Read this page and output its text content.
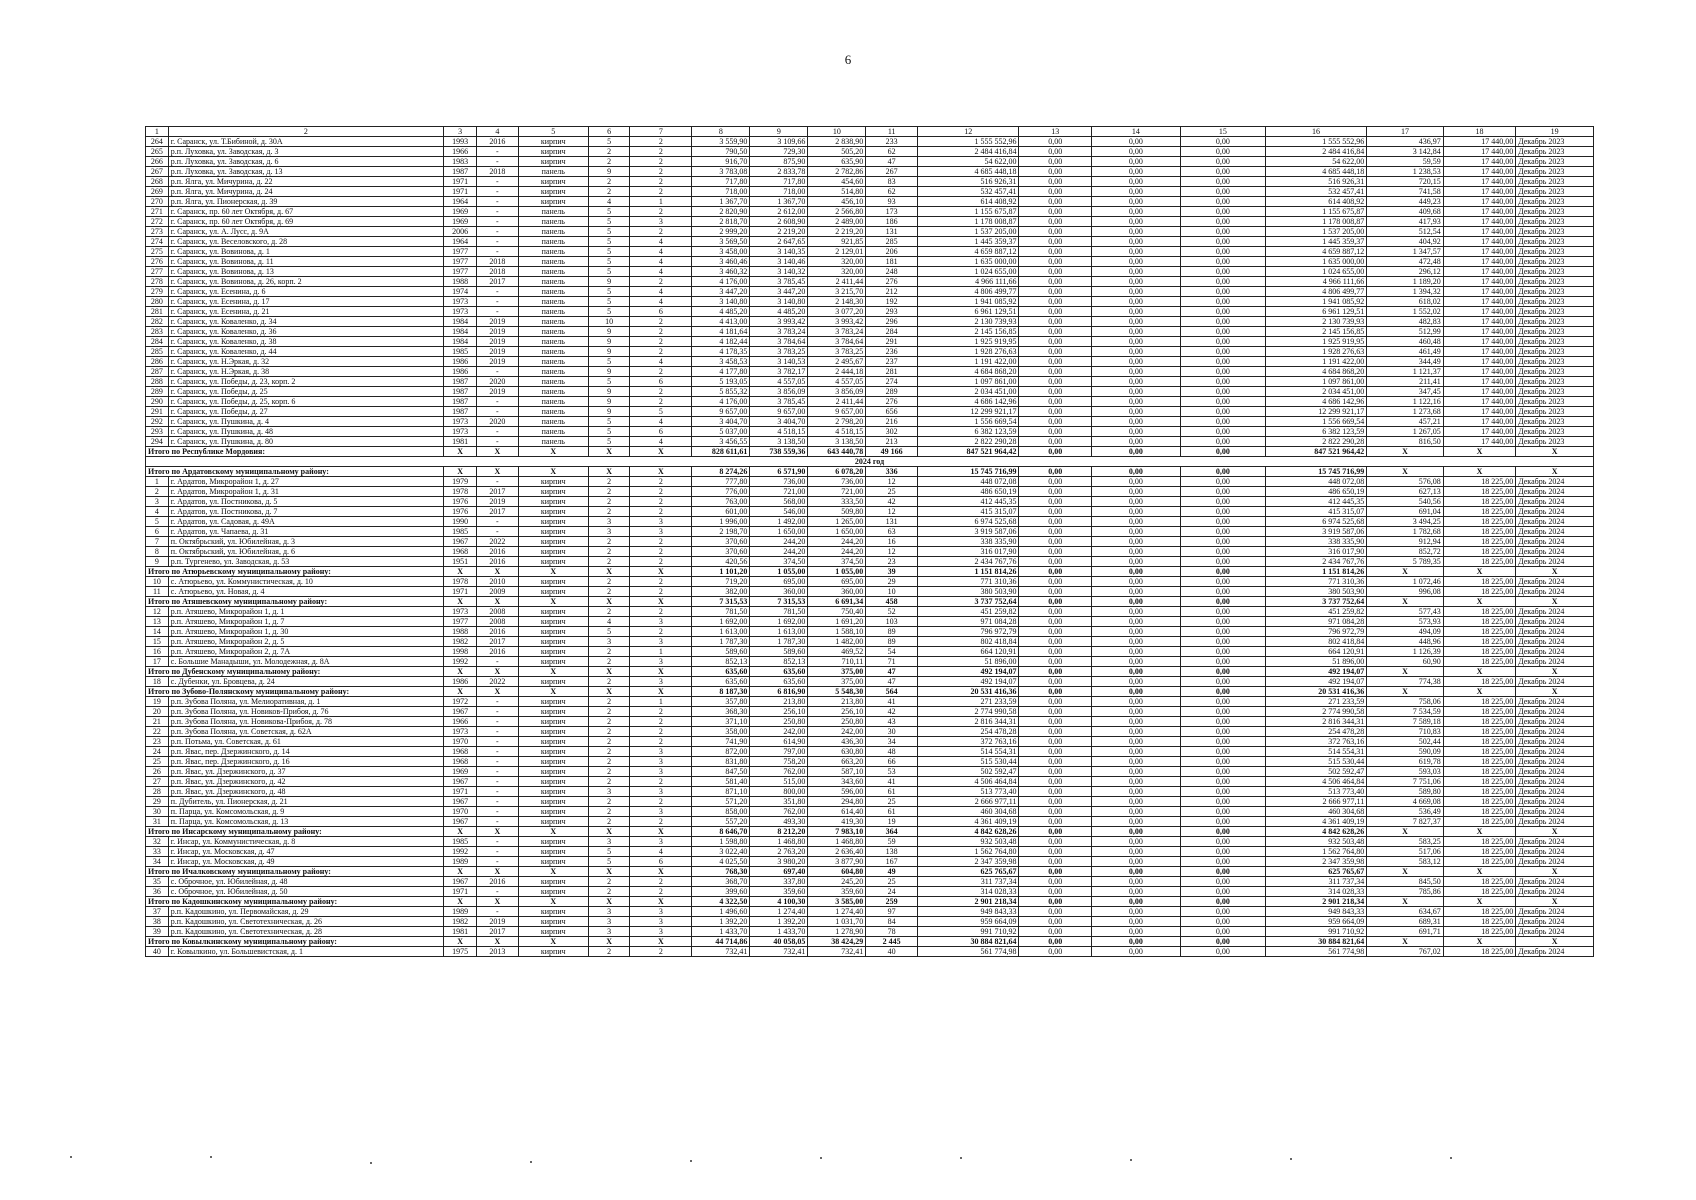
6
1	2	3	4	5	6	7	8	9	10	11	12	13	14	15	16	17	18	19
264	г. Саранск, ул. Т.Бибиной, д. 30А	1993	2016	кирпич	5	2	3 559,90	3 109,66	2 838,90	233	1 555 552,96	0,00	0,00	0,00	1 555 552,96	436,97	17 440,00	Декабрь 2023
265	р.п. Луховка, ул. Заводская, д. 3	1966	-	кирпич	2	2	790,50	729,30	505,20	62	2 484 416,84	0,00	0,00	0,00	2 484 416,84	3 142,84	17 440,00	Декабрь 2023
266	р.п. Луховка, ул. Заводская, д. 6	1983	-	кирпич	2	2	916,70	875,90	635,90	47	54 622,00	0,00	0,00	0,00	54 622,00	59,59	17 440,00	Декабрь 2023
267	р.п. Луховка, ул. Заводская, д. 13	1987	2018	панель	9	2	3 783,08	2 833,78	2 782,86	267	4 685 448,18	0,00	0,00	0,00	4 685 448,18	1 238,53	17 440,00	Декабрь 2023
268	р.п. Ялга, ул. Мичурина, д. 22	1971	-	кирпич	2	2	717,80	717,80	454,60	83	516 926,31	0,00	0,00	0,00	516 926,31	720,15	17 440,00	Декабрь 2023
269	р.п. Ялга, ул. Мичурина, д. 24	1971	-	кирпич	2	2	718,00	718,00	514,80	62	532 457,41	0,00	0,00	0,00	532 457,41	741,58	17 440,00	Декабрь 2023
270	р.п. Ялга, ул. Пионерская, д. 39	1964	-	кирпич	4	1	1 367,70	1 367,70	456,10	93	614 408,92	0,00	0,00	0,00	614 408,92	449,23	17 440,00	Декабрь 2023
271	г. Саранск, пр. 60 лет Октября, д. 67	1969	-	панель	5	2	2 820,90	2 612,00	2 566,80	173	1 155 675,87	0,00	0,00	0,00	1 155 675,87	409,68	17 440,00	Декабрь 2023
272	г. Саранск, пр. 60 лет Октября, д. 69	1969	-	панель	5	3	2 818,70	2 608,90	2 489,00	186	1 178 008,87	0,00	0,00	0,00	1 178 008,87	417,93	17 440,00	Декабрь 2023
273	г. Саранск, ул. А. Лусс, д. 9А	2006	-	панель	5	2	2 999,20	2 219,20	2 219,20	131	1 537 205,00	0,00	0,00	0,00	1 537 205,00	512,54	17 440,00	Декабрь 2023
274	г. Саранск, ул. Веселовского, д. 28	1964	-	панель	5	4	3 569,50	2 647,65	921,85	285	1 445 359,37	0,00	0,00	0,00	1 445 359,37	404,92	17 440,00	Декабрь 2023
275	г. Саранск, ул. Вовинова, д. 1	1977	-	панель	5	4	3 458,00	3 140,35	2 129,01	206	4 659 887,12	0,00	0,00	0,00	4 659 887,12	1 347,57	17 440,00	Декабрь 2023
276	г. Саранск, ул. Вовинова, д. 11	1977	2018	панель	5	4	3 460,46	3 140,46	320,00	181	1 635 000,00	0,00	0,00	0,00	1 635 000,00	472,48	17 440,00	Декабрь 2023
277	г. Саранск, ул. Вовинова, д. 13	1977	2018	панель	5	4	3 460,32	3 140,32	320,00	248	1 024 655,00	0,00	0,00	0,00	1 024 655,00	296,12	17 440,00	Декабрь 2023
278	г. Саранск, ул. Вовинова, д. 26, корп. 2	1988	2017	панель	9	2	4 176,00	3 785,45	2 411,44	276	4 966 111,66	0,00	0,00	0,00	4 966 111,66	1 189,20	17 440,00	Декабрь 2023
279	г. Саранск, ул. Есенина, д. 6	1974	-	панель	5	4	3 447,20	3 447,20	3 215,70	212	4 806 499,77	0,00	0,00	0,00	4 806 499,77	1 394,32	17 440,00	Декабрь 2023
280	г. Саранск, ул. Есенина, д. 17	1973	-	панель	5	4	3 140,80	3 140,80	2 148,30	192	1 941 085,92	0,00	0,00	0,00	1 941 085,92	618,02	17 440,00	Декабрь 2023
281	г. Саранск, ул. Есенина, д. 21	1973	-	панель	5	6	4 485,20	4 485,20	3 077,20	293	6 961 129,51	0,00	0,00	0,00	6 961 129,51	1 552,02	17 440,00	Декабрь 2023
282	г. Саранск, ул. Коваленко, д. 34	1984	2019	панель	10	2	4 413,00	3 993,42	3 993,42	296	2 130 739,93	0,00	0,00	0,00	2 130 739,93	482,83	17 440,00	Декабрь 2023
283	г. Саранск, ул. Коваленко, д. 36	1984	2019	панель	9	2	4 181,64	3 783,24	3 783,24	284	2 145 156,85	0,00	0,00	0,00	2 145 156,85	512,99	17 440,00	Декабрь 2023
284	г. Саранск, ул. Коваленко, д. 38	1984	2019	панель	9	2	4 182,44	3 784,64	3 784,64	291	1 925 919,95	0,00	0,00	0,00	1 925 919,95	460,48	17 440,00	Декабрь 2023
285	г. Саранск, ул. Коваленко, д. 44	1985	2019	панель	9	2	4 178,35	3 783,25	3 783,25	236	1 928 276,63	0,00	0,00	0,00	1 928 276,63	461,49	17 440,00	Декабрь 2023
286	г. Саранск, ул. Н.Эркая, д. 32	1986	2019	панель	5	4	3 458,53	3 140,53	2 495,67	237	1 191 422,00	0,00	0,00	0,00	1 191 422,00	344,49	17 440,00	Декабрь 2023
287	г. Саранск, ул. Н.Эркая, д. 38	1986	-	панель	9	2	4 177,80	3 782,17	2 444,18	281	4 684 868,20	0,00	0,00	0,00	4 684 868,20	1 121,37	17 440,00	Декабрь 2023
288	г. Саранск, ул. Победы, д. 23, корп. 2	1987	2020	панель	5	6	5 193,05	4 557,05	4 557,05	274	1 097 861,00	0,00	0,00	0,00	1 097 861,00	211,41	17 440,00	Декабрь 2023
289	г. Саранск, ул. Победы, д. 25	1987	2019	панель	9	2	5 855,32	3 856,09	3 856,09	289	2 034 451,00	0,00	0,00	0,00	2 034 451,00	347,45	17 440,00	Декабрь 2023
290	г. Саранск, ул. Победы, д. 25, корп. 6	1987	-	панель	9	2	4 176,00	3 785,45	2 411,44	276	4 686 142,96	0,00	0,00	0,00	4 686 142,96	1 122,16	17 440,00	Декабрь 2023
291	г. Саранск, ул. Победы, д. 27	1987	-	панель	9	5	9 657,00	9 657,00	9 657,00	656	12 299 921,17	0,00	0,00	0,00	12 299 921,17	1 273,68	17 440,00	Декабрь 2023
292	г. Саранск, ул. Пушкина, д. 4	1973	2020	панель	5	4	3 404,70	3 404,70	2 798,20	216	1 556 669,54	0,00	0,00	0,00	1 556 669,54	457,21	17 440,00	Декабрь 2023
293	г. Саранск, ул. Пушкина, д. 48	1973	-	панель	5	6	5 037,00	4 518,15	4 518,15	302	6 382 123,59	0,00	0,00	0,00	6 382 123,59	1 267,05	17 440,00	Декабрь 2023
294	г. Саранск, ул. Пушкина, д. 80	1981	-	панель	5	4	3 456,55	3 138,50	3 138,50	213	2 822 290,28	0,00	0,00	0,00	2 822 290,28	816,50	17 440,00	Декабрь 2023
Итого по Республике Мордовия:		X	X	X	X	X	828 611,61	738 559,36	643 440,78	49 166	847 521 964,42	0,00	0,00	0,00	847 521 964,42	X	X	X
2024 год																		
Итого по Ардатовскому муниципальному району:		X	X	X	X	X	8 274,26	6 571,90	6 078,20	336	15 745 716,99	0,00	0,00	0,00	15 745 716,99	X	X	X
1	г. Ардатов, Микрорайон 1, д. 27	1979	-	кирпич	2	2	777,80	736,00	736,00	12	448 072,08	0,00	0,00	0,00	448 072,08	576,08	18 225,00	Декабрь 2024
2	г. Ардатов, Микрорайон 1, д. 31	1978	2017	кирпич	2	2	776,00	721,00	721,00	25	486 650,19	0,00	0,00	0,00	486 650,19	627,13	18 225,00	Декабрь 2024
3	г. Ардатов, ул. Постникова, д. 5	1976	2019	кирпич	2	2	763,00	568,00	333,50	42	412 445,35	0,00	0,00	0,00	412 445,35	540,56	18 225,00	Декабрь 2024
4	г. Ардатов, ул. Постникова, д. 7	1976	2017	кирпич	2	2	601,00	546,00	509,80	12	415 315,07	0,00	0,00	0,00	415 315,07	691,04	18 225,00	Декабрь 2024
5	г. Ардатов, ул. Садовая, д. 49А	1990	-	кирпич	3	3	1 996,00	1 492,00	1 265,00	131	6 974 525,68	0,00	0,00	0,00	6 974 525,68	3 494,25	18 225,00	Декабрь 2024
6	г. Ардатов, ул. Чапаева, д. 31	1985	-	кирпич	3	3	2 198,70	1 650,00	1 650,00	63	3 919 587,06	0,00	0,00	0,00	3 919 587,06	1 782,68	18 225,00	Декабрь 2024
7	п. Октябрьский, ул. Юбилейная, д. 3	1967	2022	кирпич	2	2	370,60	244,20	244,20	16	338 335,90	0,00	0,00	0,00	338 335,90	912,94	18 225,00	Декабрь 2024
8	п. Октябрьский, ул. Юбилейная, д. 6	1968	2016	кирпич	2	2	370,60	244,20	244,20	12	316 017,90	0,00	0,00	0,00	316 017,90	852,72	18 225,00	Декабрь 2024
9	р.п. Тургенево, ул. Заводская, д. 53	1951	2016	кирпич	2	2	420,56	374,50	374,50	23	2 434 767,76	0,00	0,00	0,00	2 434 767,76	5 789,35	18 225,00	Декабрь 2024
Итого по Атюрьевскому муниципальному району:		X	X	X	X	X	1 101,20	1 055,00	1 055,00	39	1 151 814,26	0,00	0,00	0,00	1 151 814,26	X	X	X
10	с. Атюрьево, ул. Коммунистическая, д. 10	1978	2010	кирпич	2	2	719,20	695,00	695,00	29	771 310,36	0,00	0,00	0,00	771 310,36	1 072,46	18 225,00	Декабрь 2024
11	с. Атюрьево, ул. Новая, д. 4	1971	2009	кирпич	2	2	382,00	360,00	360,00	10	380 503,90	0,00	0,00	0,00	380 503,90	996,08	18 225,00	Декабрь 2024
Итого по Атяшевскому муниципальному району:		X	X	X	X	X	7 315,53	7 315,53	6 691,34	458	3 737 752,64	0,00	0,00	0,00	3 737 752,64	X	X	X
12	р.п. Атяшево, Микрорайон 1, д. 1	1973	2008	кирпич	2	2	781,50	781,50	750,40	52	451 259,82	0,00	0,00	0,00	451 259,82	577,43	18 225,00	Декабрь 2024
13	р.п. Атяшево, Микрорайон 1, д. 7	1977	2008	кирпич	4	3	1 692,00	1 692,00	1 691,20	103	971 084,28	0,00	0,00	0,00	971 084,28	573,93	18 225,00	Декабрь 2024
14	р.п. Атяшево, Микрорайон 1, д. 30	1988	2016	кирпич	5	2	1 613,00	1 613,00	1 588,10	89	796 972,79	0,00	0,00	0,00	796 972,79	494,09	18 225,00	Декабрь 2024
15	р.п. Атяшево, Микрорайон 2, д. 5	1982	2017	кирпич	3	3	1 787,30	1 787,30	1 482,00	89	802 418,84	0,00	0,00	0,00	802 418,84	448,96	18 225,00	Декабрь 2024
16	р.п. Атяшево, Микрорайон 2, д. 7А	1998	2016	кирпич	2	1	589,60	589,60	469,52	54	664 120,91	0,00	0,00	0,00	664 120,91	1 126,39	18 225,00	Декабрь 2024
17	с. Большие Манадыши, ул. Молодежная, д. 8А	1992	-	кирпич	2	3	852,13	852,13	710,11	71	51 896,00	0,00	0,00	0,00	51 896,00	60,90	18 225,00	Декабрь 2024
Итого по Дубенскому муниципальному району:		X	X	X	X	X	635,60	635,60	375,00	47	492 194,07	0,00	0,00	0,00	492 194,07	X	X	X
18	с. Дубенки, ул. Бровцева, д. 24	1986	2022	кирпич	2	3	635,60	635,60	375,00	47	492 194,07	0,00	0,00	0,00	492 194,07	774,38	18 225,00	Декабрь 2024
Итого по Зубово-Полянскому муниципальному району:		X	X	X	X	X	8 187,30	6 816,90	5 548,30	564	20 531 416,36	0,00	0,00	0,00	20 531 416,36	X	X	X
19	р.п. Зубова Поляна, ул. Мелиоративная, д. 1	1972	-	кирпич	2	1	357,80	213,80	213,80	41	271 233,59	0,00	0,00	0,00	271 233,59	758,06	18 225,00	Декабрь 2024
20	р.п. Зубова Поляна, ул. Новиков-Прибоя, д. 76	1967	-	кирпич	2	2	368,30	256,10	256,10	42	2 774 990,58	0,00	0,00	0,00	2 774 990,58	7 534,59	18 225,00	Декабрь 2024
21	р.п. Зубова Поляна, ул. Новикова-Прибоя, д. 78	1966	-	кирпич	2	2	371,10	250,80	250,80	43	2 816 344,31	0,00	0,00	0,00	2 816 344,31	7 589,18	18 225,00	Декабрь 2024
22	р.п. Зубова Поляна, ул. Советская, д. 62А	1973	-	кирпич	2	2	358,00	242,00	242,00	30	254 478,28	0,00	0,00	0,00	254 478,28	710,83	18 225,00	Декабрь 2024
23	р.п. Потьма, ул. Советская, д. 61	1970	-	кирпич	2	2	741,90	614,90	436,30	34	372 763,16	0,00	0,00	0,00	372 763,16	502,44	18 225,00	Декабрь 2024
24	р.п. Явас, пер. Дзержинского, д. 14	1968	-	кирпич	2	3	872,00	797,00	630,80	48	514 554,31	0,00	0,00	0,00	514 554,31	590,09	18 225,00	Декабрь 2024
25	р.п. Явас, пер. Дзержинского, д. 16	1968	-	кирпич	2	3	831,80	758,20	663,20	66	515 530,44	0,00	0,00	0,00	515 530,44	619,78	18 225,00	Декабрь 2024
26	р.п. Явас, ул. Дзержинского, д. 37	1969	-	кирпич	2	3	847,50	762,00	587,10	53	502 592,47	0,00	0,00	0,00	502 592,47	593,03	18 225,00	Декабрь 2024
27	р.п. Явас, ул. Дзержинского, д. 42	1967	-	кирпич	2	2	581,40	515,00	343,60	41	4 506 464,84	0,00	0,00	0,00	4 506 464,84	7 751,06	18 225,00	Декабрь 2024
28	р.п. Явас, ул. Дзержинского, д. 48	1971	-	кирпич	3	3	871,10	800,00	596,00	61	513 773,40	0,00	0,00	0,00	513 773,40	589,80	18 225,00	Декабрь 2024
29	п. Дубитель, ул. Пионерская, д. 21	1967	-	кирпич	2	2	571,20	351,80	294,80	25	2 666 977,11	0,00	0,00	0,00	2 666 977,11	4 669,08	18 225,00	Декабрь 2024
30	п. Парца, ул. Комсомольская, д. 9	1970	-	кирпич	2	3	858,00	762,00	614,40	61	460 304,68	0,00	0,00	0,00	460 304,68	536,49	18 225,00	Декабрь 2024
31	п. Парца, ул. Комсомольская, д. 13	1967	-	кирпич	2	2	557,20	493,30	419,30	19	4 361 409,19	0,00	0,00	0,00	4 361 409,19	7 827,37	18 225,00	Декабрь 2024
Итого по Инсарскому муниципальному району:		X	X	X	X	X	8 646,70	8 212,20	7 983,10	364	4 842 628,26	0,00	0,00	0,00	4 842 628,26	X	X	X
32	г. Инсар, ул. Коммунистическая, д. 8	1985	-	кирпич	3	3	1 598,80	1 468,80	1 468,80	59	932 503,48	0,00	0,00	0,00	932 503,48	583,25	18 225,00	Декабрь 2024
33	г. Инсар, ул. Московская, д. 47	1992	-	кирпич	5	4	3 022,40	2 763,20	2 636,40	138	1 562 764,80	0,00	0,00	0,00	1 562 764,80	517,06	18 225,00	Декабрь 2024
34	г. Инсар, ул. Московская, д. 49	1989	-	кирпич	5	6	4 025,50	3 980,20	3 877,90	167	2 347 359,98	0,00	0,00	0,00	2 347 359,98	583,12	18 225,00	Декабрь 2024
Итого по Ичалковскому муниципальному району:		X	X	X	X	X	768,30	697,40	604,80	49	625 765,67	0,00	0,00	0,00	625 765,67	X	X	X
35	с. Оброчное, ул. Юбилейная, д. 48	1967	2016	кирпич	2	2	368,70	337,80	245,20	25	311 737,34	0,00	0,00	0,00	311 737,34	845,50	18 225,00	Декабрь 2024
36	с. Оброчное, ул. Юбилейная, д. 50	1971	-	кирпич	2	2	399,60	359,60	359,60	24	314 028,33	0,00	0,00	0,00	314 028,33	785,86	18 225,00	Декабрь 2024
Итого по Кадошкинскому муниципальному району:		X	X	X	X	X	4 322,50	4 100,30	3 585,00	259	2 901 218,34	0,00	0,00	0,00	2 901 218,34	X	X	X
37	р.п. Кадошкино, ул. Первомайская, д. 29	1989	-	кирпич	3	3	1 496,60	1 274,40	1 274,40	97	949 843,33	0,00	0,00	0,00	949 843,33	634,67	18 225,00	Декабрь 2024
38	р.п. Кадошкино, ул. Светотехническая, д. 26	1982	2019	кирпич	3	3	1 392,20	1 392,20	1 031,70	84	959 664,09	0,00	0,00	0,00	959 664,09	689,31	18 225,00	Декабрь 2024
39	р.п. Кадошкино, ул. Светотехническая, д. 28	1981	2017	кирпич	3	3	1 433,70	1 433,70	1 278,90	78	991 710,92	0,00	0,00	0,00	991 710,92	691,71	18 225,00	Декабрь 2024
Итого по Ковылкинскому муниципальному району:		X	X	X	X	X	44 714,86	40 058,05	38 424,29	2 445	30 884 821,64	0,00	0,00	0,00	30 884 821,64	X	X	X
40	г. Ковылкино, ул. Большевистская, д. 1	1975	2013	кирпич	2	2	732,41	732,41	732,41	40	561 774,98	0,00	0,00	0,00	561 774,98	767,02	18 225,00	Декабрь 2024
